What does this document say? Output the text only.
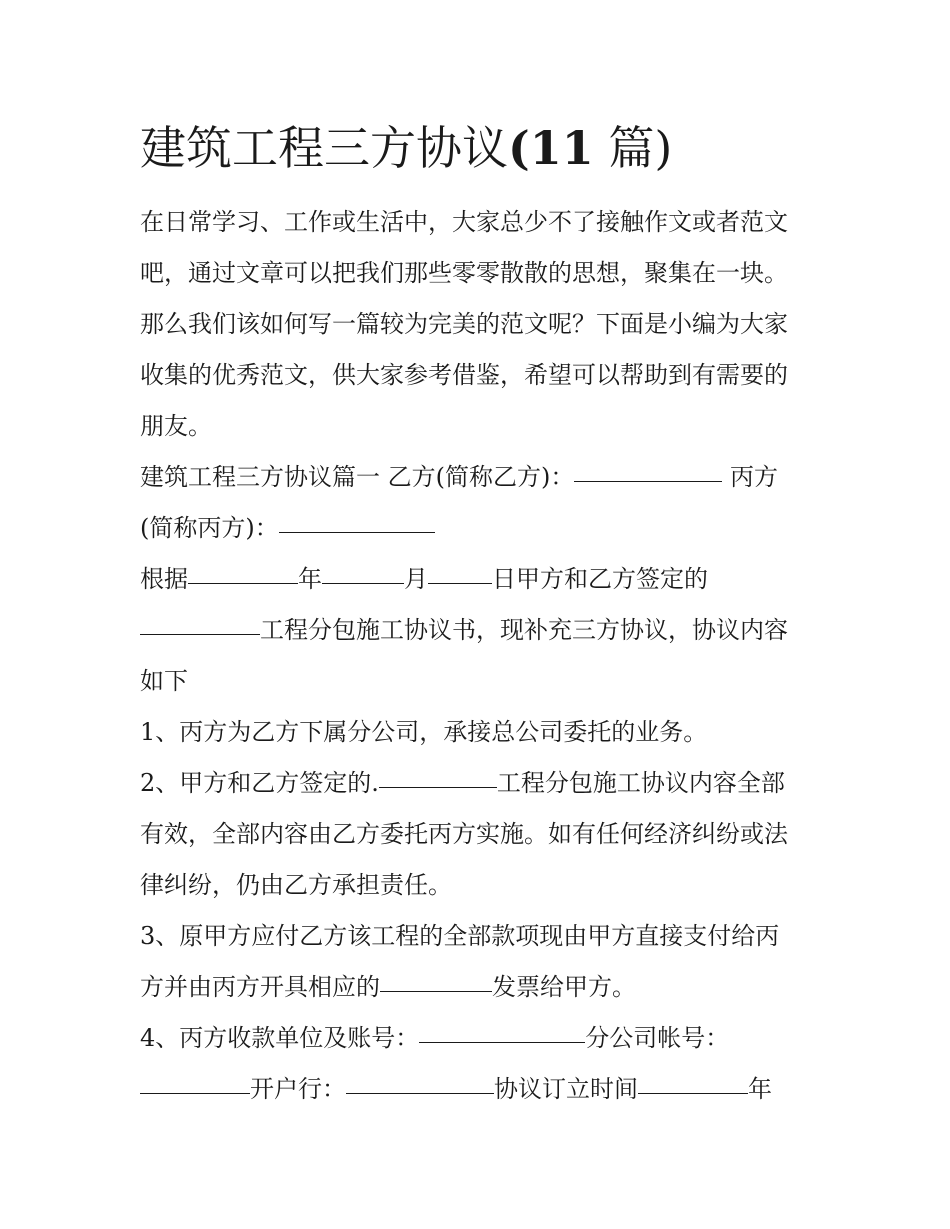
建筑工程三方协议(11 篇)
在日常学习、工作或生活中，大家总少不了接触作文或者范文
吧，通过文章可以把我们那些零零散散的思想，聚集在一块。
那么我们该如何写一篇较为完美的范文呢？下面是小编为大家
收集的优秀范文，供大家参考借鉴，希望可以帮助到有需要的
朋友。
建筑工程三方协议篇一 乙方(简称乙方)：	丙方
(简称丙方)：
根据	年	月	日甲方和乙方签定的
工程分包施工协议书，现补充三方协议，协议内容
如下
1、丙方为乙方下属分公司，承接总公司委托的业务。
2、甲方和乙方签定的.	工程分包施工协议内容全部
有效，全部内容由乙方委托丙方实施。如有任何经济纠纷或法
律纠纷，仍由乙方承担责任。
3、原甲方应付乙方该工程的全部款项现由甲方直接支付给丙
方并由丙方开具相应的	发票给甲方。
4、丙方收款单位及账号：	分公司帐号：
开户行：	协议订立时间	年
